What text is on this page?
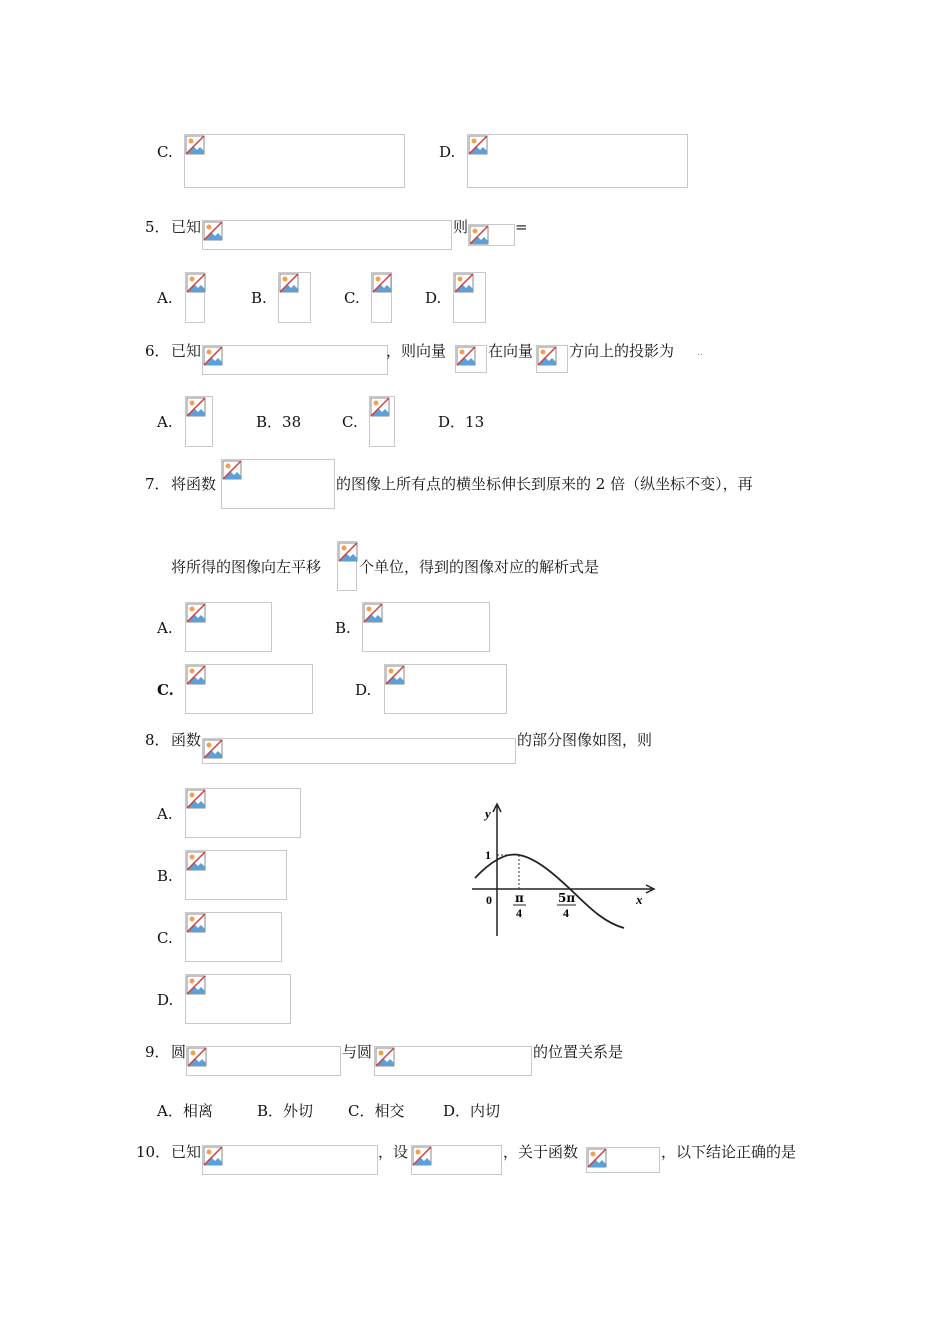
C.	D.
5． 已知	则	=
A.	B.	C.	D.
6． 已知	，则向量	在向量 方向上的投影为	..
A.	B．38	C.	D．13
7． 将函数	的图像上所有点的横坐标伸长到原来的 2 倍（纵坐标不变），再
将所得的图像向左平移	个单位，得到的图像对应的解析式是
A.	B.
C.	D.
8． 函数	的部分图像如图，则
A.
B.
C.
D.
y
x
1
0 π
4
5π
4
9． 圆	与圆	的位置关系是
A．相离	B．外切 C．相交	D．内切
10． 已知	，设	，关于函数	，以下结论正确的是
